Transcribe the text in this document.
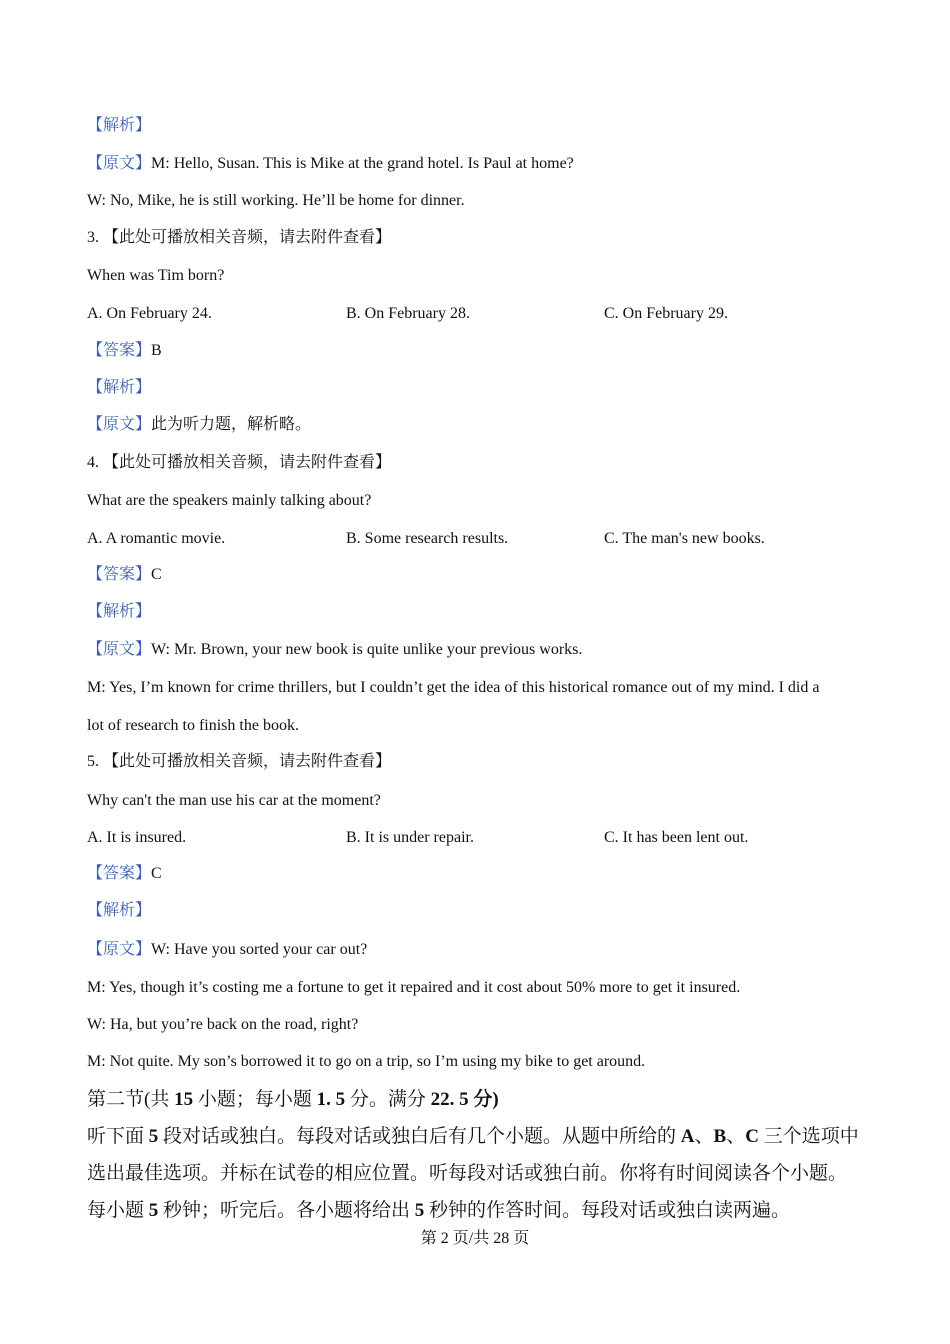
【解析】
【原文】M: Hello, Susan. This is Mike at the grand hotel. Is Paul at home?
W: No, Mike, he is still working. He’ll be home for dinner.
3. 【此处可播放相关音频，请去附件查看】
When was Tim born?
A. On February 24.	B. On February 28.	C. On February 29.
【答案】B
【解析】
【原文】此为听力题，解析略。
4. 【此处可播放相关音频，请去附件查看】
What are the speakers mainly talking about?
A. A romantic movie.	B. Some research results.	C. The man's new books.
【答案】C
【解析】
【原文】W: Mr. Brown, your new book is quite unlike your previous works.
M: Yes, I’m known for crime thrillers, but I couldn’t get the idea of this historical romance out of my mind. I did a
lot of research to finish the book.
5. 【此处可播放相关音频，请去附件查看】
Why can't the man use his car at the moment?
A. It is insured.	B. It is under repair.	C. It has been lent out.
【答案】C
【解析】
【原文】W: Have you sorted your car out?
M: Yes, though it’s costing me a fortune to get it repaired and it cost about 50% more to get it insured.
W: Ha, but you’re back on the road, right?
M: Not quite. My son’s borrowed it to go on a trip, so I’m using my bike to get around.
第二节(共 15 小题；每小题 1. 5 分。满分 22. 5 分)
听下面 5 段对话或独白。每段对话或独白后有几个小题。从题中所给的 A、B、C 三个选项中
选出最佳选项。并标在试卷的相应位置。听每段对话或独白前。你将有时间阅读各个小题。
每小题 5 秒钟；听完后。各小题将给出 5 秒钟的作答时间。每段对话或独白读两遍。
第 2 页/共 28 页
